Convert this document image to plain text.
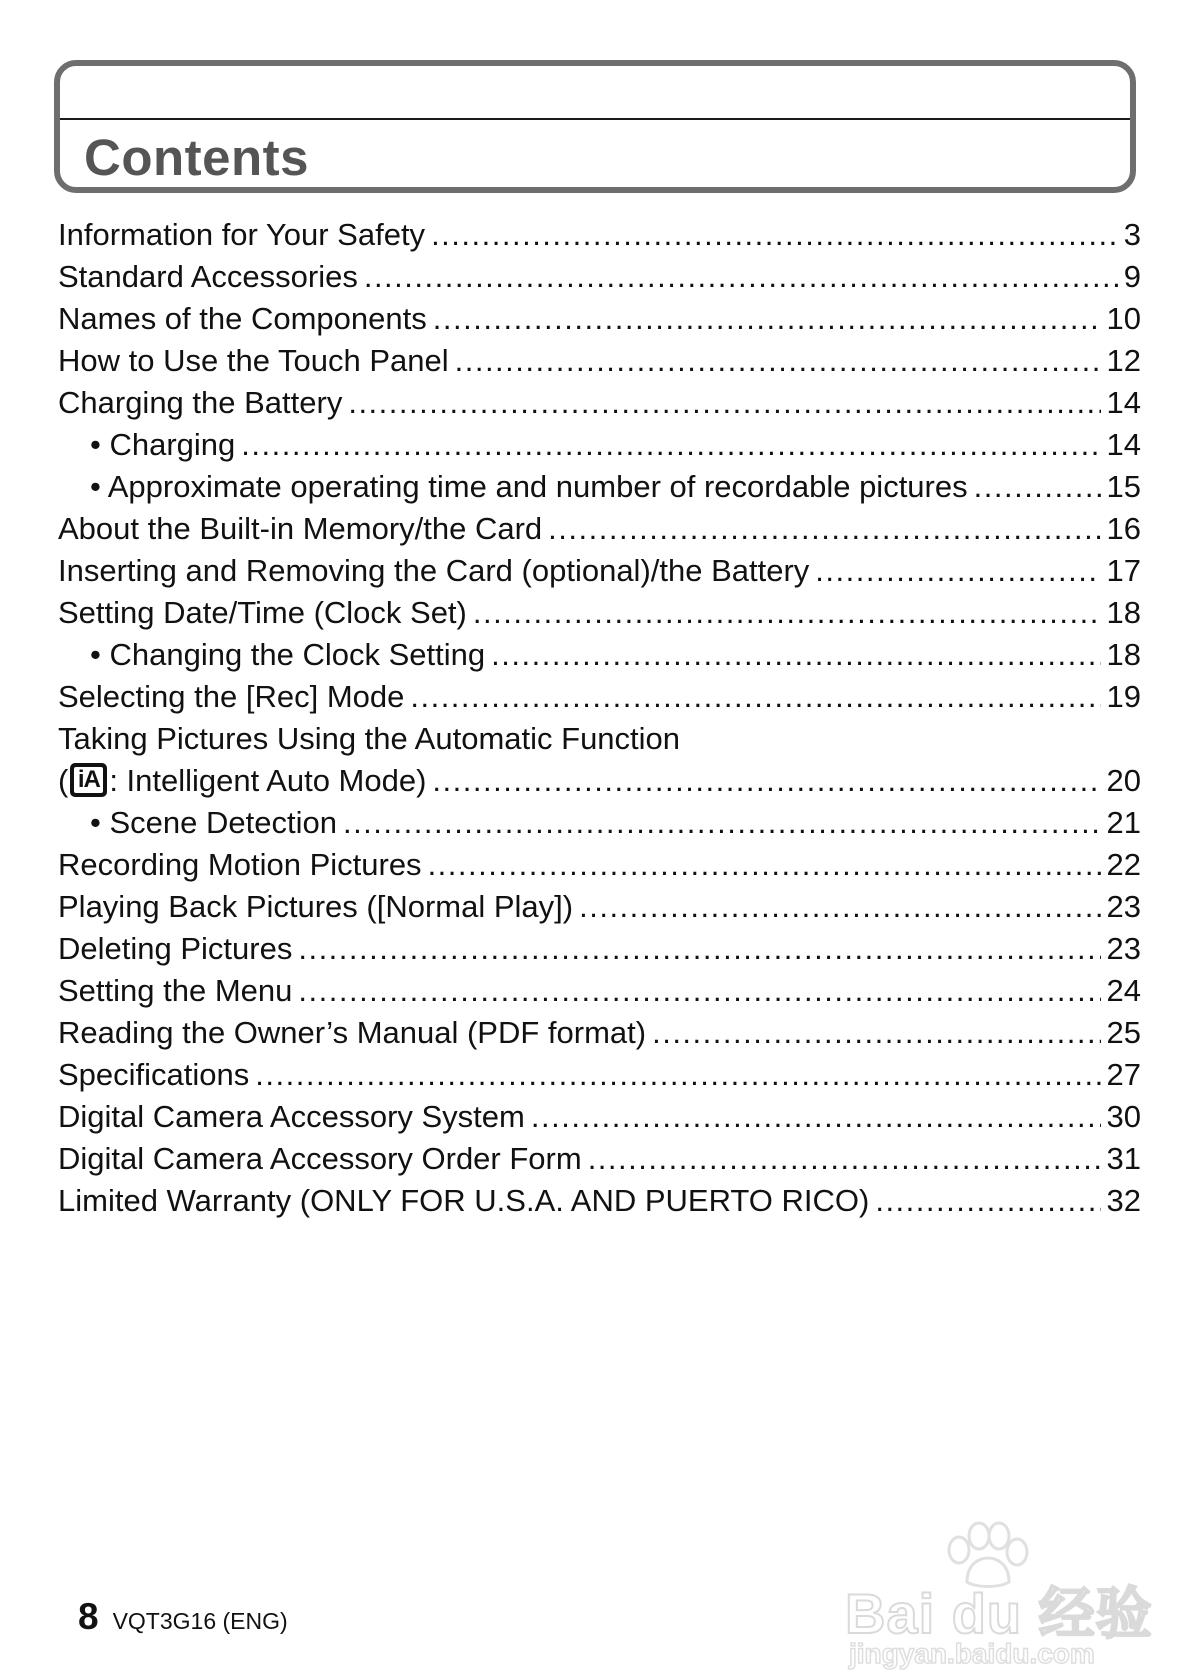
Contents
Information for Your Safety .....	3
Standard Accessories .....	9
Names of the Components .....	10
How to Use the Touch Panel .....	12
Charging the Battery .....	14
• Charging .....	14
• Approximate operating time and number of recordable pictures .....	15
About the Built-in Memory/the Card .....	16
Inserting and Removing the Card (optional)/the Battery .....	17
Setting Date/Time (Clock Set) .....	18
• Changing the Clock Setting .....	18
Selecting the [Rec] Mode .....	19
Taking Pictures Using the Automatic Function
( iA : Intelligent Auto Mode) .....	20
• Scene Detection .....	21
Recording Motion Pictures .....	22
Playing Back Pictures ([Normal Play]) .....	23
Deleting Pictures .....	23
Setting the Menu .....	24
Reading the Owner’s Manual (PDF format) .....	25
Specifications .....	27
Digital Camera Accessory System .....	30
Digital Camera Accessory Order Form .....	31
Limited Warranty (ONLY FOR U.S.A. AND PUERTO RICO) .....	32
8 VQT3G16 (ENG)	Bai du 经验
jingyan.baidu.com
